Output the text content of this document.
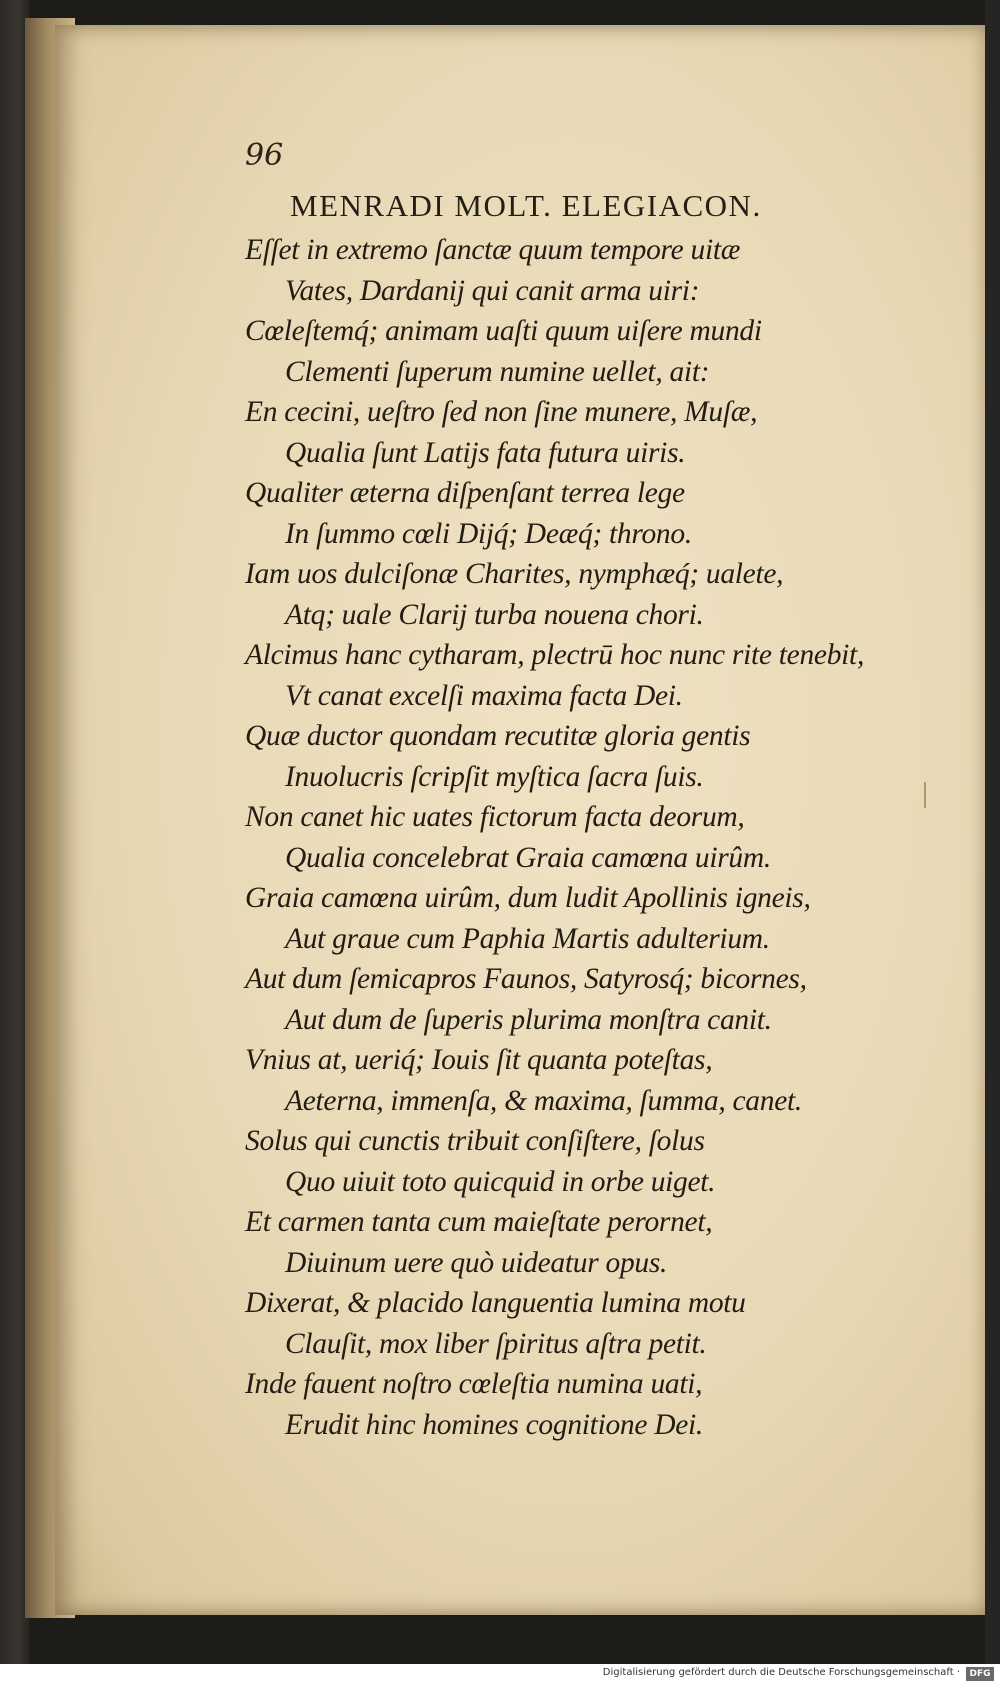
96
MENRADI MOLT. ELEGIACON.
Eſſet in extremo ſanctæ quum tempore uitæ
Vates, Dardanij qui canit arma uiri:
Cœleſtemq́; animam uaſti quum uiſere mundi
Clementi ſuperum numine uellet, ait:
En cecini, ueſtro ſed non ſine munere, Muſæ,
Qualia ſunt Latijs fata futura uiris.
Qualiter æterna diſpenſant terrea lege
In ſummo cœli Dijq́; Deæq́; throno.
Iam uos dulciſonæ Charites, nymphæq́; ualete,
Atq; uale Clarij turba nouena chori.
Alcimus hanc cytharam, plectrū hoc nunc rite tenebit,
Vt canat excelſi maxima facta Dei.
Quæ ductor quondam recutitæ gloria gentis
Inuolucris ſcripſit myſtica ſacra ſuis.
Non canet hic uates fictorum facta deorum,
Qualia concelebrat Graia camœna uirûm.
Graia camœna uirûm, dum ludit Apollinis igneis,
Aut graue cum Paphia Martis adulterium.
Aut dum ſemicapros Faunos, Satyrosq́; bicornes,
Aut dum de ſuperis plurima monſtra canit.
Vnius at, ueriq́; Iouis ſit quanta poteſtas,
Aeterna, immenſa, & maxima, ſumma, canet.
Solus qui cunctis tribuit conſiſtere, ſolus
Quo uiuit toto quicquid in orbe uiget.
Et carmen tanta cum maieſtate perornet,
Diuinum uere quò uideatur opus.
Dixerat, & placido languentia lumina motu
Clauſit, mox liber ſpiritus aſtra petit.
Inde fauent noſtro cœleſtia numina uati,
Erudit hinc homines cognitione Dei.
Digitalisierung gefördert durch die Deutsche Forschungsgemeinschaft ·	DFG
